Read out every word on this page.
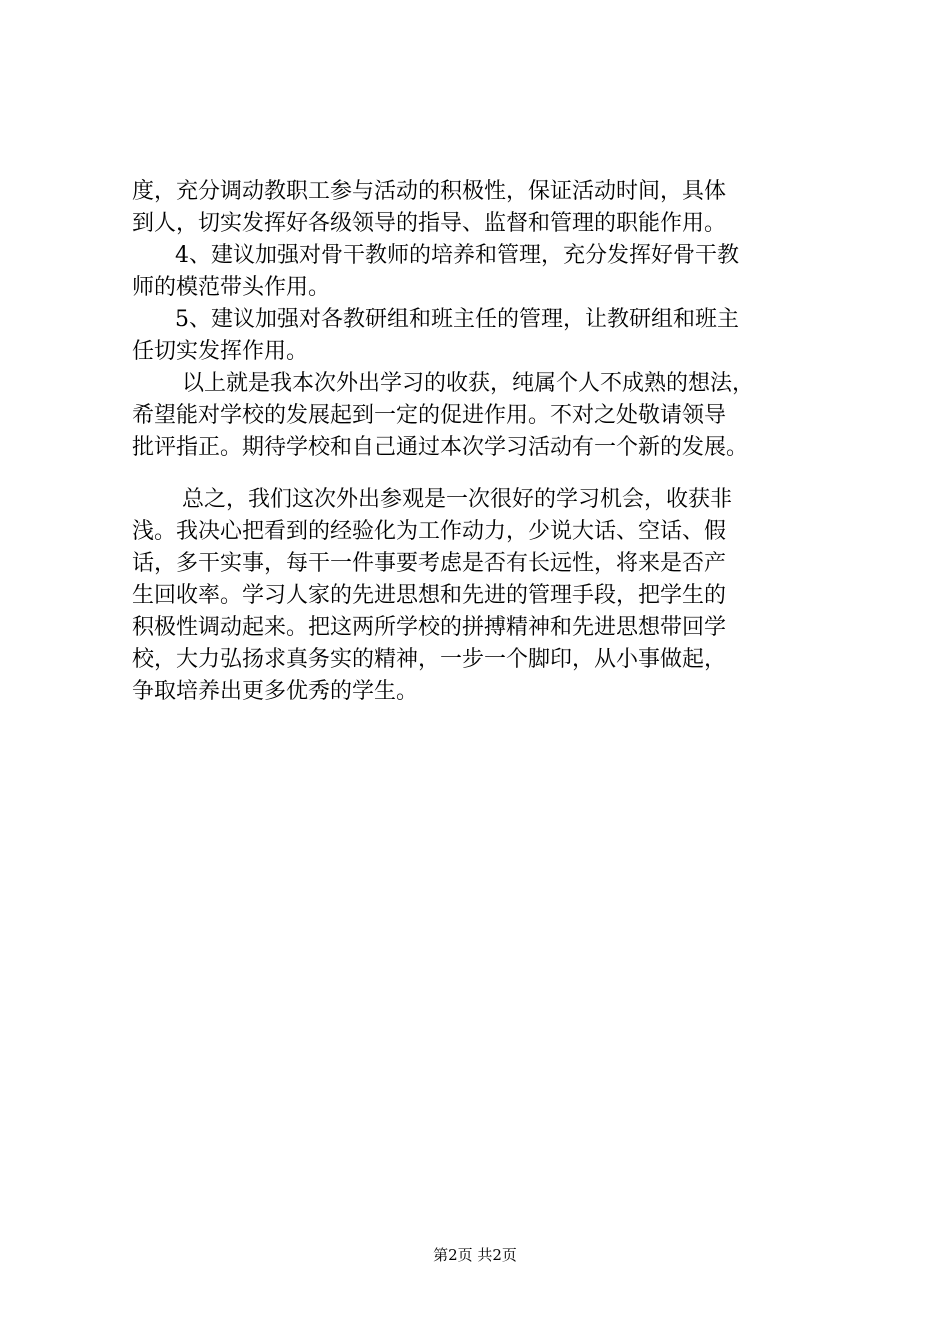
度，充分调动教职工参与活动的积极性，保证活动时间，具体
到人，切实发挥好各级领导的指导、监督和管理的职能作用。
4、建议加强对骨干教师的培养和管理，充分发挥好骨干教
师的模范带头作用。
5、建议加强对各教研组和班主任的管理，让教研组和班主
任切实发挥作用。
以上就是我本次外出学习的收获，纯属个人不成熟的想法，
希望能对学校的发展起到一定的促进作用。不对之处敬请领导
批评指正。期待学校和自己通过本次学习活动有一个新的发展。
总之，我们这次外出参观是一次很好的学习机会，收获非
浅。我决心把看到的经验化为工作动力，少说大话、空话、假
话，多干实事，每干一件事要考虑是否有长远性，将来是否产
生回收率。学习人家的先进思想和先进的管理手段，把学生的
积极性调动起来。把这两所学校的拼搏精神和先进思想带回学
校，大力弘扬求真务实的精神，一步一个脚印，从小事做起，
争取培养出更多优秀的学生。
第2页 共2页
